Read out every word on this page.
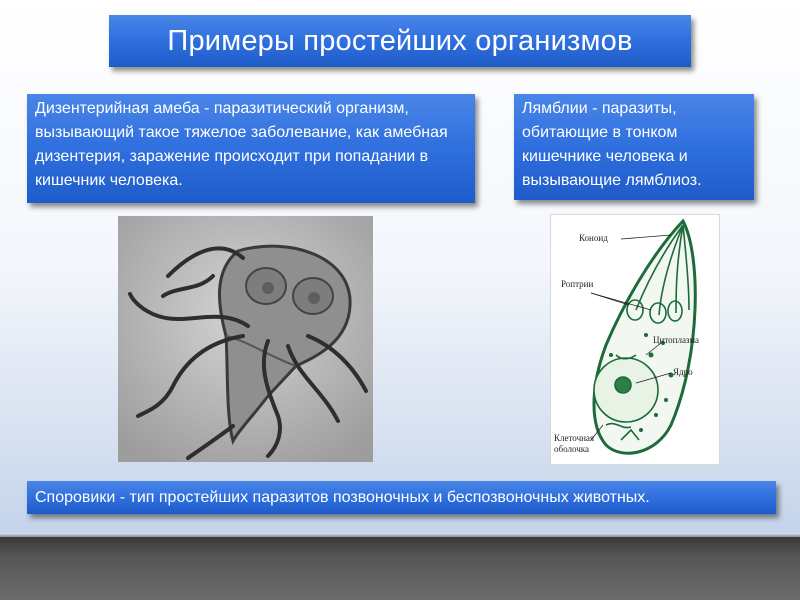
Примеры простейших организмов
Дизентерийная амеба - паразитический организм, вызывающий такое тяжелое заболевание, как амебная дизентерия, заражение происходит при попадании в кишечник человека.
Лямблии - паразиты, обитающие в тонком кишечнике человека и вызывающие лямблиоз.
Коноид
Роптрии
Цитоплазма
Ядро
Клеточная
оболочка
Споровики - тип простейших паразитов позвоночных и беспозвоночных животных.
